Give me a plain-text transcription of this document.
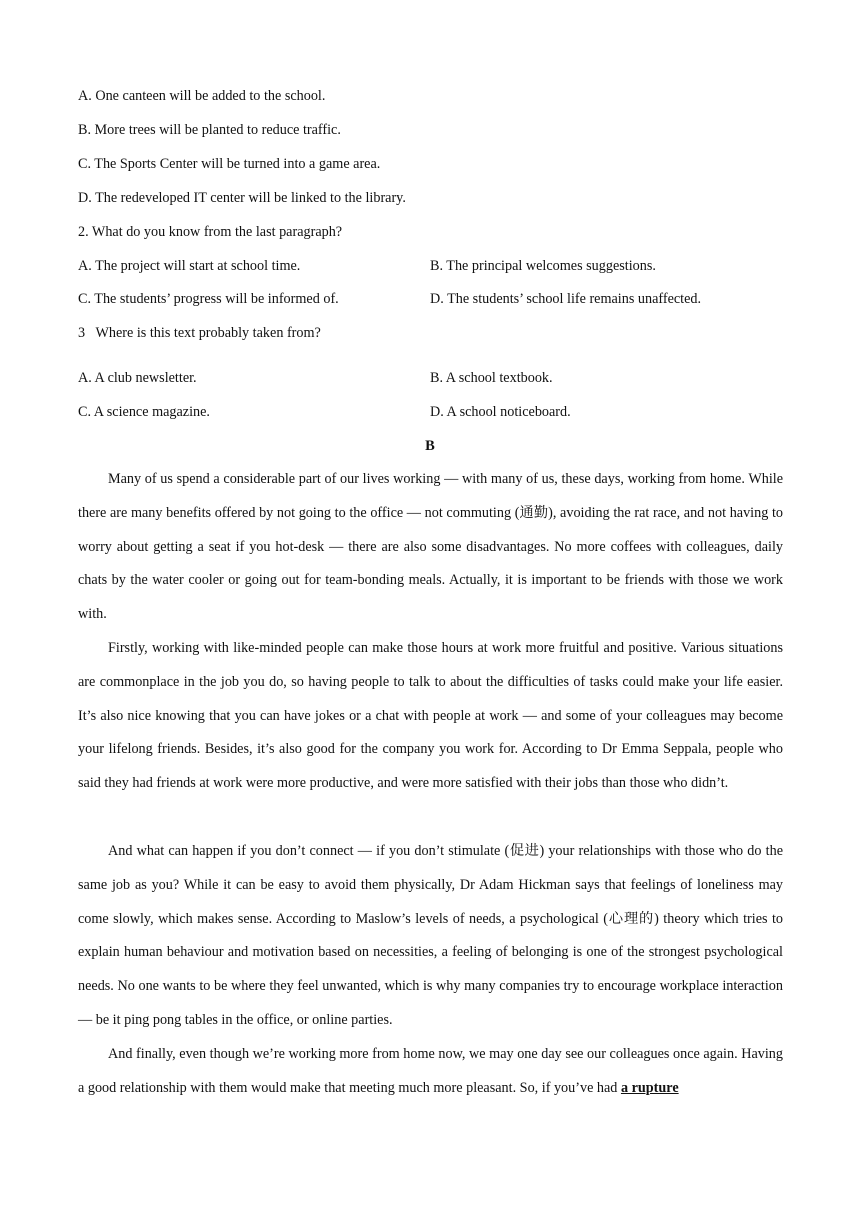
A. One canteen will be added to the school.
B. More trees will be planted to reduce traffic.
C. The Sports Center will be turned into a game area.
D. The redeveloped IT center will be linked to the library.
2. What do you know from the last paragraph?
A. The project will start at school time.	B. The principal welcomes suggestions.
C. The students’ progress will be informed of.	D. The students’ school life remains unaffected.
3   Where is this text probably taken from?
A. A club newsletter.	B. A school textbook.
C. A science magazine.	D. A school noticeboard.
B

Many of us spend a considerable part of our lives working — with many of us, these days, working from home. While there are many benefits offered by not going to the office — not commuting (通勤), avoiding the rat race, and not having to worry about getting a seat if you hot-desk — there are also some disadvantages. No more coffees with colleagues, daily chats by the water cooler or going out for team-bonding meals. Actually, it is important to be friends with those we work with.

Firstly, working with like-minded people can make those hours at work more fruitful and positive. Various situations are commonplace in the job you do, so having people to talk to about the difficulties of tasks could make your life easier. It’s also nice knowing that you can have jokes or a chat with people at work — and some of your colleagues may become your lifelong friends. Besides, it’s also good for the company you work for. According to Dr Emma Seppala, people who said they had friends at work were more productive, and were more satisfied with their jobs than those who didn’t.

And what can happen if you don’t connect — if you don’t stimulate (促进) your relationships with those who do the same job as you? While it can be easy to avoid them physically, Dr Adam Hickman says that feelings of loneliness may come slowly, which makes sense. According to Maslow’s levels of needs, a psychological (心理的) theory which tries to explain human behaviour and motivation based on necessities, a feeling of belonging is one of the strongest psychological needs. No one wants to be where they feel unwanted, which is why many companies try to encourage workplace interaction — be it ping pong tables in the office, or online parties.

And finally, even though we’re working more from home now, we may one day see our colleagues once again. Having a good relationship with them would make that meeting much more pleasant. So, if you’ve had a rupture
